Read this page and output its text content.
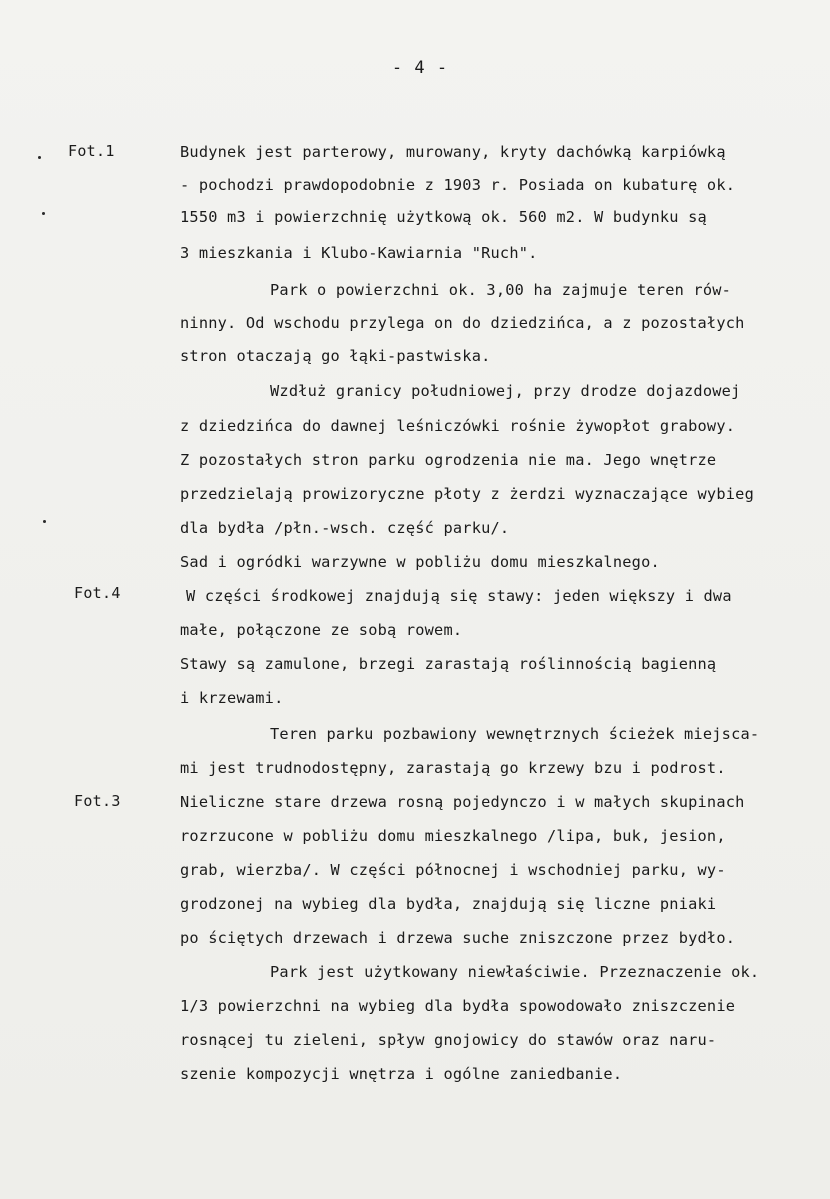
- 4 -
Fot.1
Fot.4
Fot.3
Budynek jest parterowy, murowany, kryty dachówką karpiówką
- pochodzi prawdopodobnie z 1903 r. Posiada on kubaturę ok.
1550 m3 i powierzchnię użytkową ok. 560 m2. W budynku są
3 mieszkania i Klubo-Kawiarnia "Ruch".
Park o powierzchni ok. 3,00 ha zajmuje teren rów-
ninny. Od wschodu przylega on do dziedzińca, a z pozostałych
stron otaczają go łąki-pastwiska.
Wzdłuż granicy południowej, przy drodze dojazdowej
z dziedzińca do dawnej leśniczówki rośnie żywopłot grabowy.
Z pozostałych stron parku ogrodzenia nie ma. Jego wnętrze
przedzielają prowizoryczne płoty z żerdzi wyznaczające wybieg
dla bydła /płn.-wsch. część parku/.
Sad i ogródki warzywne w pobliżu domu mieszkalnego.
W części środkowej znajdują się stawy: jeden większy i dwa
małe, połączone ze sobą rowem.
Stawy są zamulone, brzegi zarastają roślinnością bagienną
i krzewami.
Teren parku pozbawiony wewnętrznych ścieżek miejsca-
mi jest trudnodostępny, zarastają go krzewy bzu i podrost.
Nieliczne stare drzewa rosną pojedynczo i w małych skupinach
rozrzucone w pobliżu domu mieszkalnego /lipa, buk, jesion,
grab, wierzba/. W części północnej i wschodniej parku, wy-
grodzonej na wybieg dla bydła, znajdują się liczne pniaki
po ściętych drzewach i drzewa suche zniszczone przez bydło.
Park jest użytkowany niewłaściwie. Przeznaczenie ok.
1/3 powierzchni na wybieg dla bydła spowodowało zniszczenie
rosnącej tu zieleni, spływ gnojowicy do stawów oraz naru-
szenie kompozycji wnętrza i ogólne zaniedbanie.
